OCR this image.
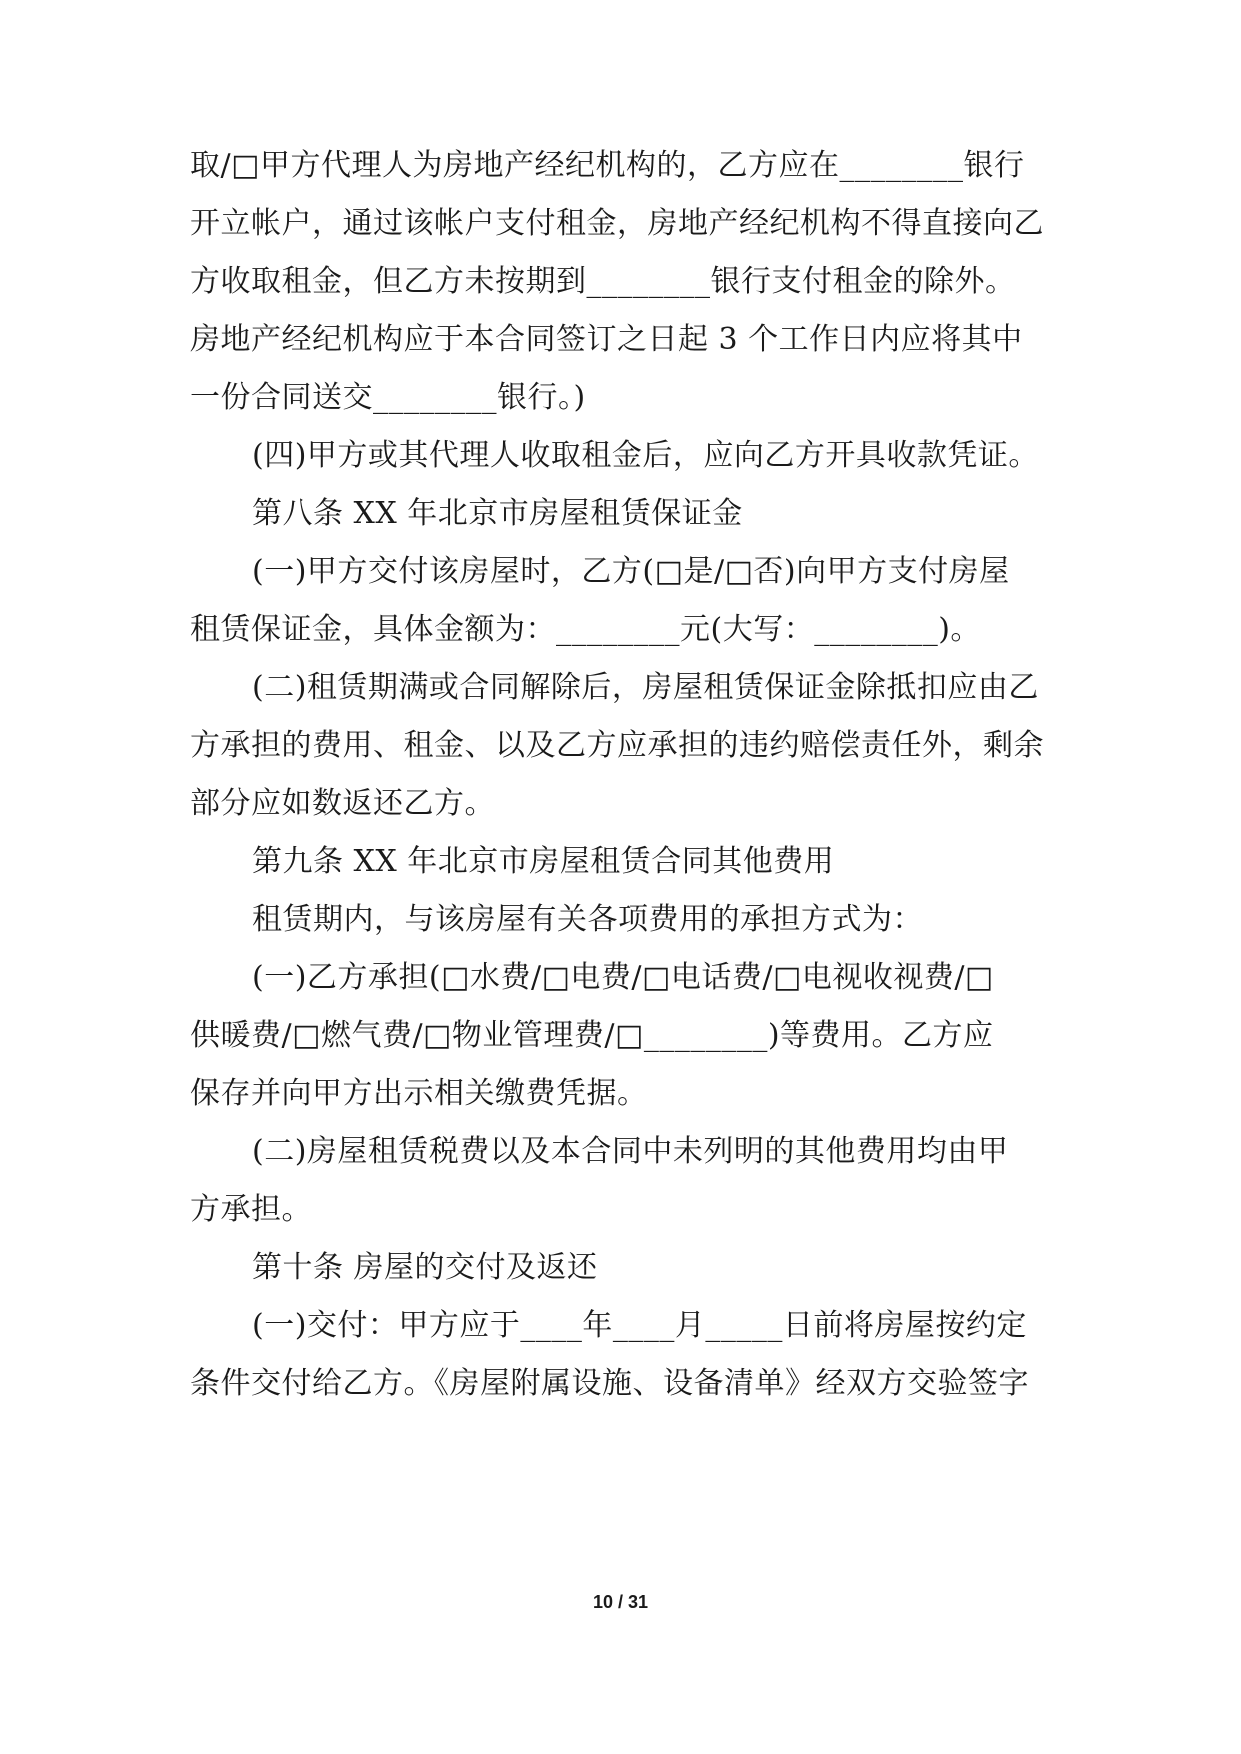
取/□甲方代理人为房地产经纪机构的，乙方应在________银行
开立帐户，通过该帐户支付租金，房地产经纪机构不得直接向乙
方收取租金，但乙方未按期到________银行支付租金的除外。
房地产经纪机构应于本合同签订之日起 3 个工作日内应将其中
一份合同送交________银行。)
(四)甲方或其代理人收取租金后，应向乙方开具收款凭证。
第八条 XX 年北京市房屋租赁保证金
(一)甲方交付该房屋时，乙方(□是/□否)向甲方支付房屋
租赁保证金，具体金额为：________元(大写：________)。
(二)租赁期满或合同解除后，房屋租赁保证金除抵扣应由乙
方承担的费用、租金、以及乙方应承担的违约赔偿责任外，剩余
部分应如数返还乙方。
第九条 XX 年北京市房屋租赁合同其他费用
租赁期内，与该房屋有关各项费用的承担方式为：
(一)乙方承担(□水费/□电费/□电话费/□电视收视费/□
供暖费/□燃气费/□物业管理费/□________)等费用。乙方应
保存并向甲方出示相关缴费凭据。
(二)房屋租赁税费以及本合同中未列明的其他费用均由甲
方承担。
第十条 房屋的交付及返还
(一)交付：甲方应于____年____月_____日前将房屋按约定
条件交付给乙方。《房屋附属设施、设备清单》经双方交验签字
10 / 31
